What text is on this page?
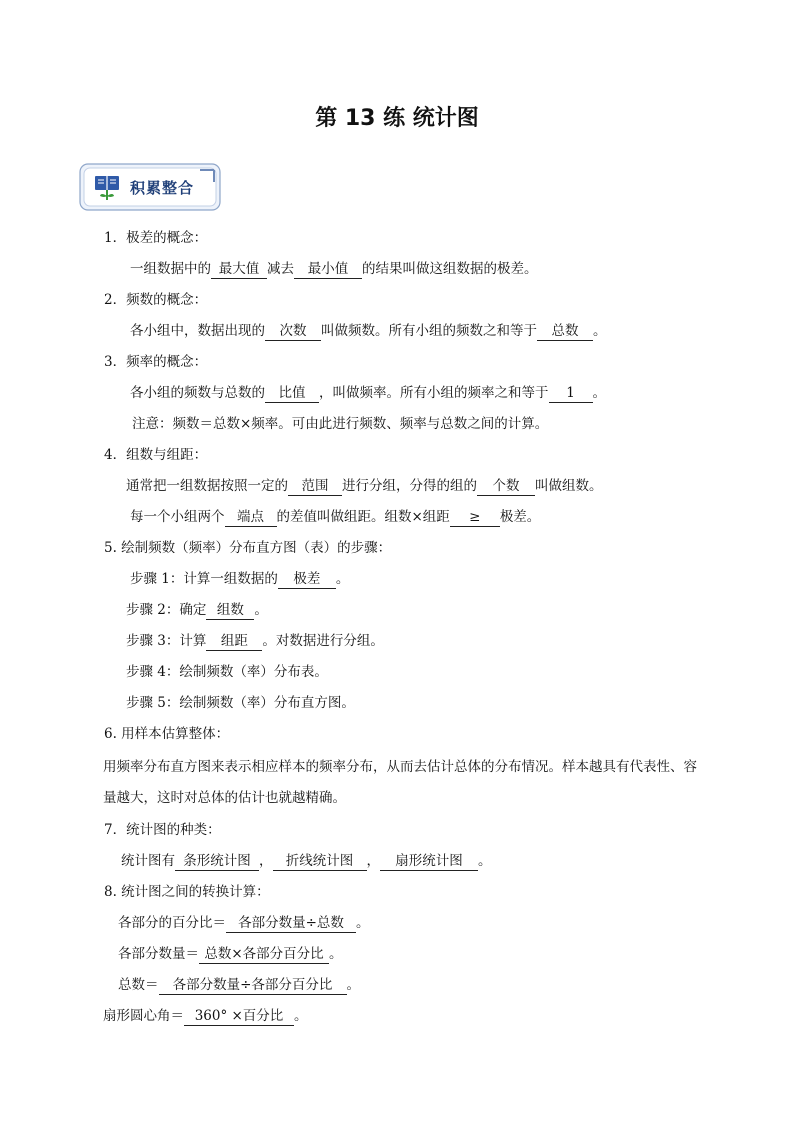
第 13 练 统计图
积累整合
1．极差的概念：
一组数据中的 最大值 减去 最小值 的结果叫做这组数据的极差。
2．频数的概念：
各小组中，数据出现的 次数 叫做频数。所有小组的频数之和等于 总数 。
3．频率的概念：
各小组的频数与总数的 比值 ，叫做频率。所有小组的频率之和等于 1 。
注意：频数＝总数×频率。可由此进行频数、频率与总数之间的计算。
4．组数与组距：
通常把一组数据按照一定的 范围 进行分组，分得的组的 个数 叫做组数。
每一个小组两个 端点 的差值叫做组距。组数×组距 ≥ 极差。
5. 绘制频数（频率）分布直方图（表）的步骤：
步骤 1：计算一组数据的 极差 。
步骤 2：确定 组数 。
步骤 3：计算 组距 。对数据进行分组。
步骤 4：绘制频数（率）分布表。
步骤 5：绘制频数（率）分布直方图。
6. 用样本估算整体：
用频率分布直方图来表示相应样本的频率分布，从而去估计总体的分布情况。样本越具有代表性、容
量越大，这时对总体的估计也就越精确。
7．统计图的种类：
统计图有 条形统计图 ， 折线统计图 ， 扇形统计图 。
8. 统计图之间的转换计算：
各部分的百分比＝ 各部分数量÷总数 。
各部分数量＝ 总数×各部分百分比 。
总数＝ 各部分数量÷各部分百分比 。
扇形圆心角＝ 360° ×百分比 。
